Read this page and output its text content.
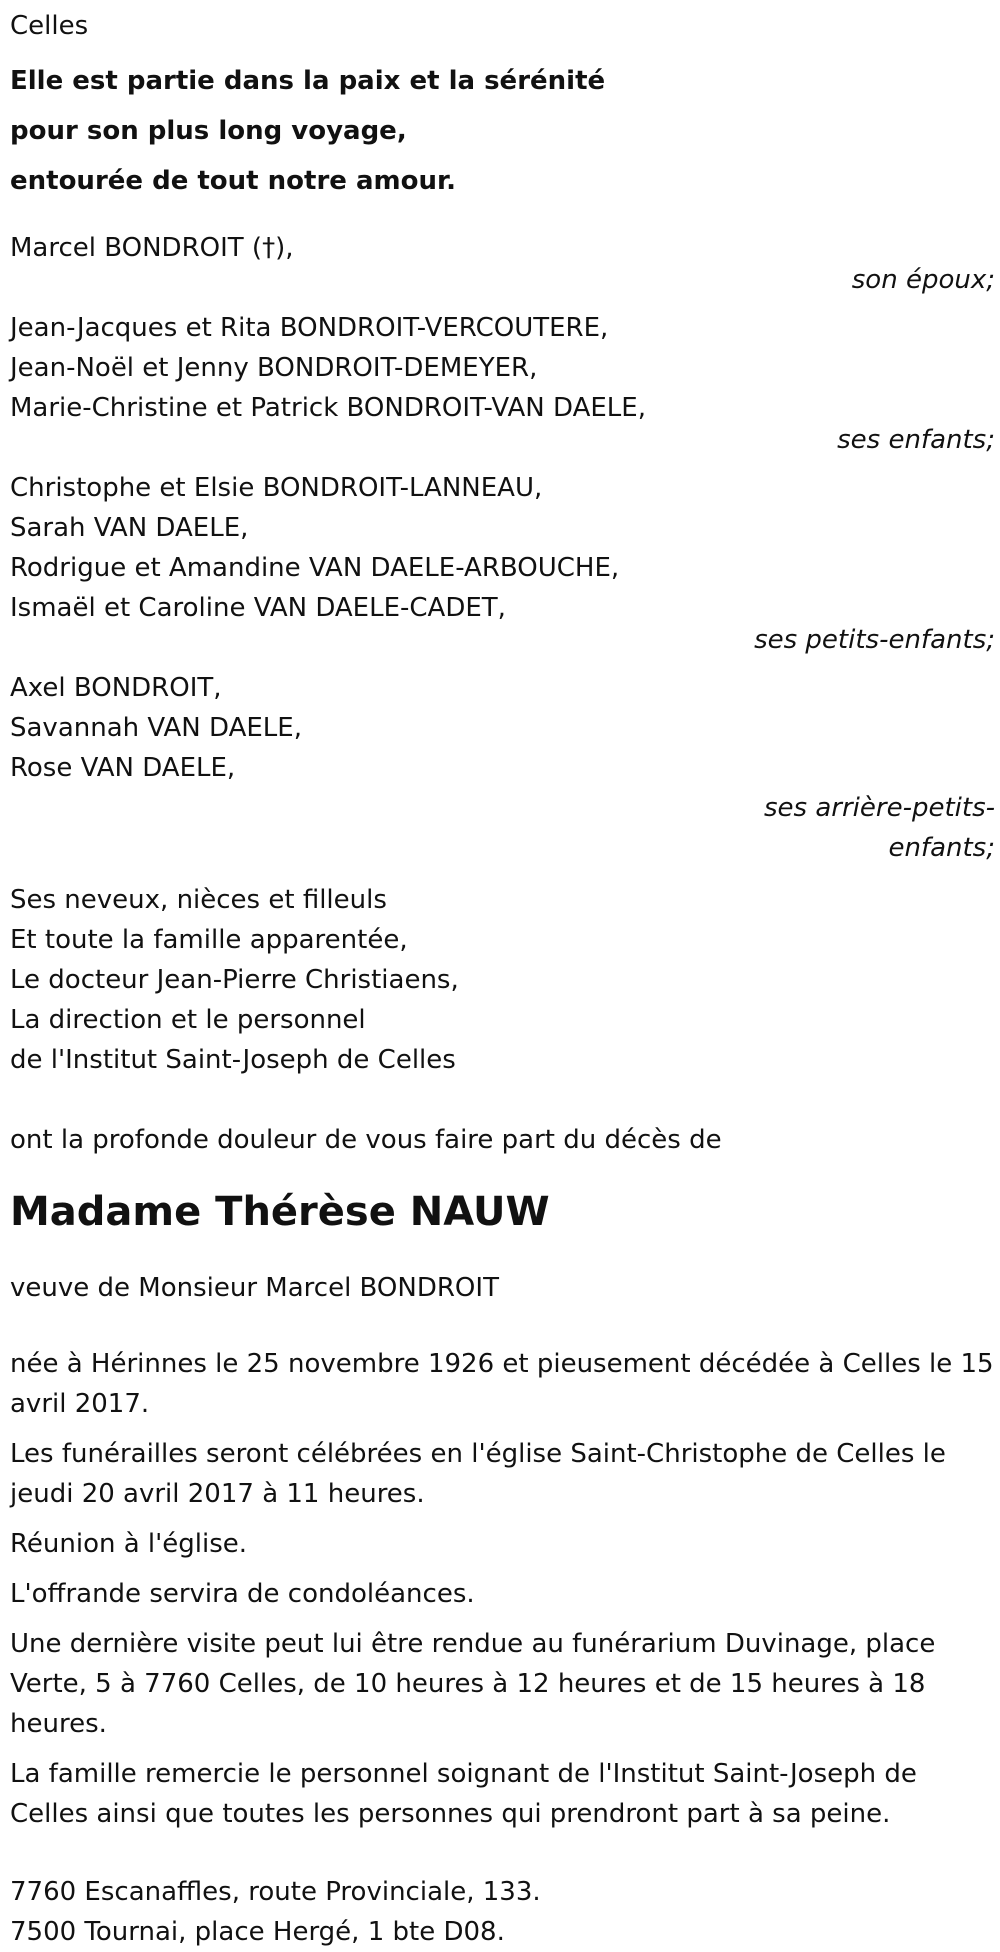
Celles
Elle est partie dans la paix et la sérénité
pour son plus long voyage,
entourée de tout notre amour.
Marcel BONDROIT (†),
son époux;
Jean-Jacques et Rita BONDROIT-VERCOUTERE,
Jean-Noël et Jenny BONDROIT-DEMEYER,
Marie-Christine et Patrick BONDROIT-VAN DAELE,
ses enfants;
Christophe et Elsie BONDROIT-LANNEAU,
Sarah VAN DAELE,
Rodrigue et Amandine VAN DAELE-ARBOUCHE,
Ismaël et Caroline VAN DAELE-CADET,
ses petits-enfants;
Axel BONDROIT,
Savannah VAN DAELE,
Rose VAN DAELE,
ses arrière-petits-
enfants;
Ses neveux, nièces et filleuls
Et toute la famille apparentée,
Le docteur Jean-Pierre Christiaens,
La direction et le personnel
de l'Institut Saint-Joseph de Celles
ont la profonde douleur de vous faire part du décès de
Madame Thérèse NAUW
veuve de Monsieur Marcel BONDROIT
née à Hérinnes le 25 novembre 1926 et pieusement décédée à Celles le 15 avril 2017.
Les funérailles seront célébrées en l'église Saint-Christophe de Celles le jeudi 20 avril 2017 à 11 heures.
Réunion à l'église.
L'offrande servira de condoléances.
Une dernière visite peut lui être rendue au funérarium Duvinage, place Verte, 5 à 7760 Celles, de 10 heures à 12 heures et de 15 heures à 18 heures.
La famille remercie le personnel soignant de l'Institut Saint-Joseph de Celles ainsi que toutes les personnes qui prendront part à sa peine.
7760 Escanaffles, route Provinciale, 133.
7500 Tournai, place Hergé, 1 bte D08.
